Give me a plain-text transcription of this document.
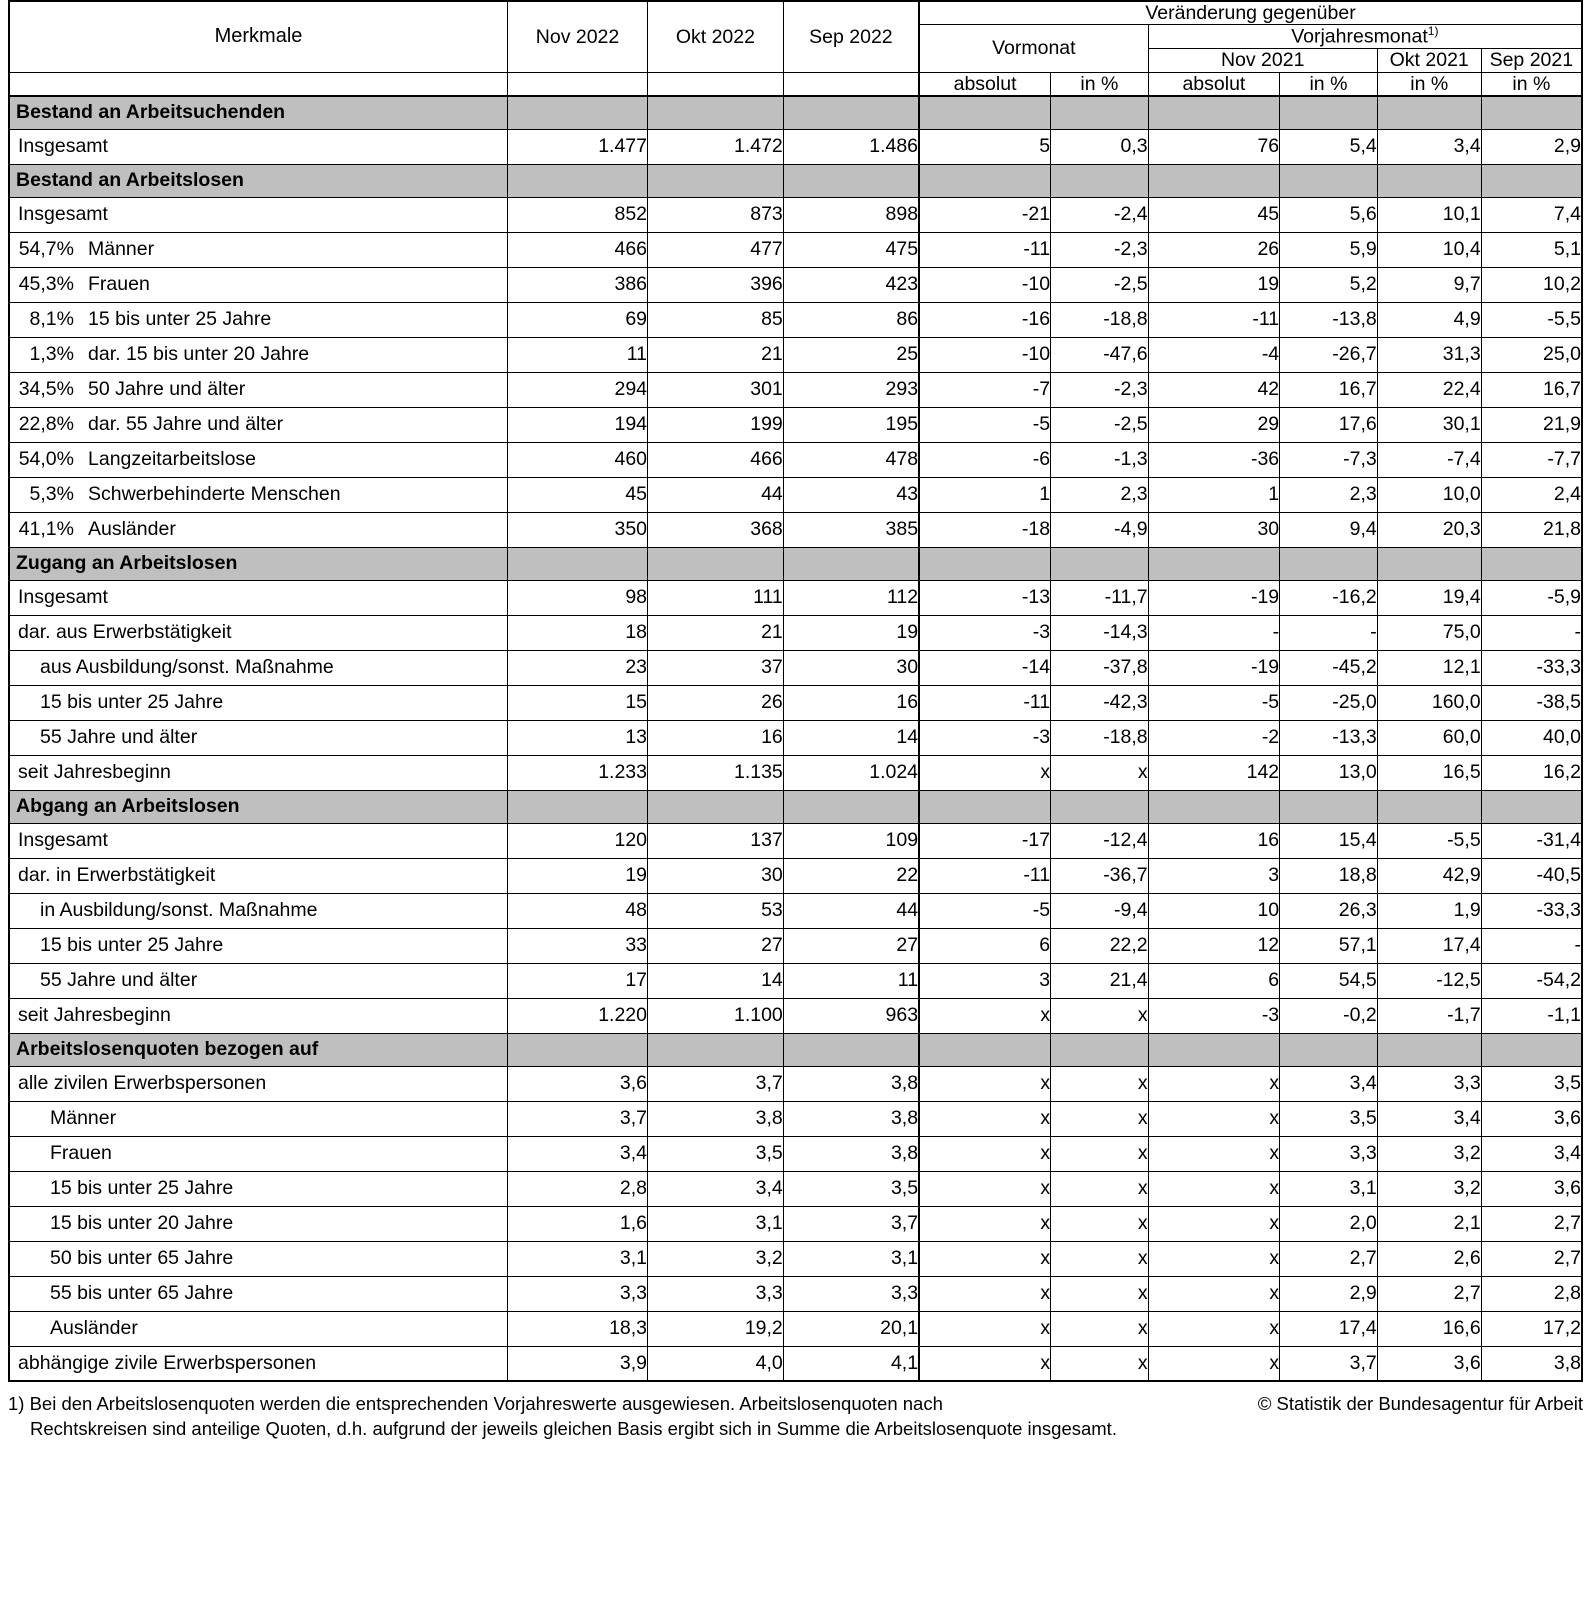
Merkmale	Nov 2022	Okt 2022	Sep 2022	Veränderung gegenüber					
				Vormonat		Vorjahresmonat$^{1)}$
						Nov 2021		Okt 2021	Sep 2021
				absolut	in %	absolut	in %	in %	in %
Bestand an Arbeitsuchenden									
Insgesamt	1.477	1.472	1.486	5	0,3	76	5,4	3,4	2,9
Bestand an Arbeitslosen									
Insgesamt	852	873	898	-21	-2,4	45	5,6	10,1	7,4
54,7% Männer	466	477	475	-11	-2,3	26	5,9	10,4	5,1
45,3% Frauen	386	396	423	-10	-2,5	19	5,2	9,7	10,2
8,1% 15 bis unter 25 Jahre	69	85	86	-16	-18,8	-11	-13,8	4,9	-5,5
1,3% dar. 15 bis unter 20 Jahre	11	21	25	-10	-47,6	-4	-26,7	31,3	25,0
34,5% 50 Jahre und älter	294	301	293	-7	-2,3	42	16,7	22,4	16,7
22,8% dar. 55 Jahre und älter	194	199	195	-5	-2,5	29	17,6	30,1	21,9
54,0% Langzeitarbeitslose	460	466	478	-6	-1,3	-36	-7,3	-7,4	-7,7
5,3% Schwerbehinderte Menschen	45	44	43	1	2,3	1	2,3	10,0	2,4
41,1% Ausländer	350	368	385	-18	-4,9	30	9,4	20,3	21,8
Zugang an Arbeitslosen									
Insgesamt	98	111	112	-13	-11,7	-19	-16,2	19,4	-5,9
dar. aus Erwerbstätigkeit	18	21	19	-3	-14,3	-	-	75,0	-
aus Ausbildung/sonst. Maßnahme	23	37	30	-14	-37,8	-19	-45,2	12,1	-33,3
15 bis unter 25 Jahre	15	26	16	-11	-42,3	-5	-25,0	160,0	-38,5
55 Jahre und älter	13	16	14	-3	-18,8	-2	-13,3	60,0	40,0
seit Jahresbeginn	1.233	1.135	1.024	x	x	142	13,0	16,5	16,2
Abgang an Arbeitslosen									
Insgesamt	120	137	109	-17	-12,4	16	15,4	-5,5	-31,4
dar. in Erwerbstätigkeit	19	30	22	-11	-36,7	3	18,8	42,9	-40,5
in Ausbildung/sonst. Maßnahme	48	53	44	-5	-9,4	10	26,3	1,9	-33,3
15 bis unter 25 Jahre	33	27	27	6	22,2	12	57,1	17,4	-
55 Jahre und älter	17	14	11	3	21,4	6	54,5	-12,5	-54,2
seit Jahresbeginn	1.220	1.100	963	x	x	-3	-0,2	-1,7	-1,1
Arbeitslosenquoten bezogen auf									
alle zivilen Erwerbspersonen	3,6	3,7	3,8	x	x	x	3,4	3,3	3,5
Männer	3,7	3,8	3,8	x	x	x	3,5	3,4	3,6
Frauen	3,4	3,5	3,8	x	x	x	3,3	3,2	3,4
15 bis unter 25 Jahre	2,8	3,4	3,5	x	x	x	3,1	3,2	3,6
15 bis unter 20 Jahre	1,6	3,1	3,7	x	x	x	2,0	2,1	2,7
50 bis unter 65 Jahre	3,1	3,2	3,1	x	x	x	2,7	2,6	2,7
55 bis unter 65 Jahre	3,3	3,3	3,3	x	x	x	2,9	2,7	2,8
Ausländer	18,3	19,2	20,1	x	x	x	17,4	16,6	17,2
abhängige zivile Erwerbspersonen	3,9	4,0	4,1	x	x	x	3,7	3,6	3,8
1) Bei den Arbeitslosenquoten werden die entsprechenden Vorjahreswerte ausgewiesen. Arbeitslosenquoten nach
Rechtskreisen sind anteilige Quoten, d.h. aufgrund der jeweils gleichen Basis ergibt sich in Summe die Arbeitslosenquote insgesamt.
© Statistik der Bundesagentur für Arbeit
